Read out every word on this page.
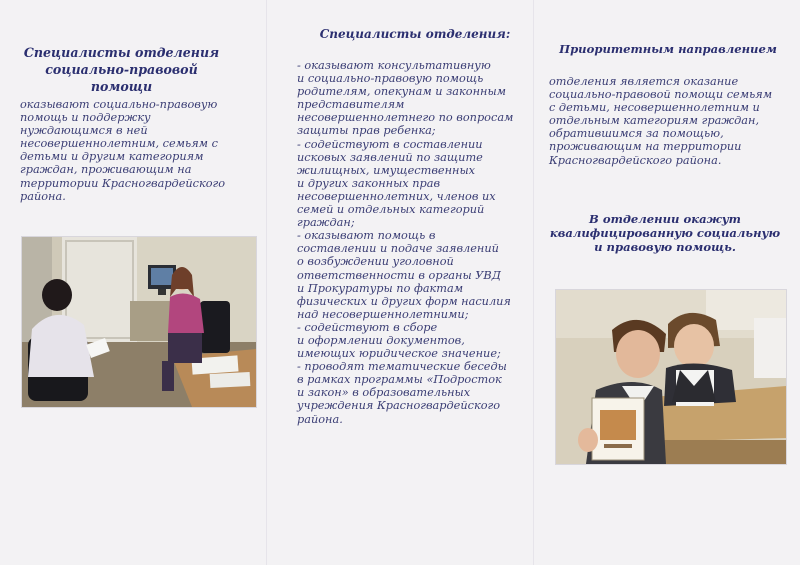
Специалисты отделения
социально-правовой помощи

оказывают социально-правовую
помощь и поддержку
нуждающимся в ней
несовершеннолетним, семьям с
детьми и другим категориям
граждан, проживающим на
территории Красногвардейского
района.

Специалисты отделения:

- оказывают консультативную
и социально-правовую помощь
родителям, опекунам и законным
представителям
несовершеннолетнего по вопросам
защиты прав ребенка;
- содействуют в составлении
исковых заявлений по защите
жилищных, имущественных
и других законных прав
несовершеннолетних, членов их
семей и отдельных категорий
граждан;
- оказывают помощь в
составлении и подаче заявлений
о возбуждении уголовной
ответственности в органы УВД
и Прокуратуры по фактам
физических и других форм насилия
над несовершеннолетними;
- содействуют в сборе
и оформлении документов,
имеющих юридическое значение;
- проводят тематические беседы
в рамках программы «Подросток
и закон» в образовательных
учреждения Красногвардейского
района.

Приоритетным направлением

отделения является оказание
социально-правовой помощи семьям
с детьми, несовершеннолетним и
отдельным категориям граждан,
обратившимся за помощью,
проживающим на территории
Красногвардейского района.

В отделении окажут
квалифицированную социальную
и правовую помощь.
